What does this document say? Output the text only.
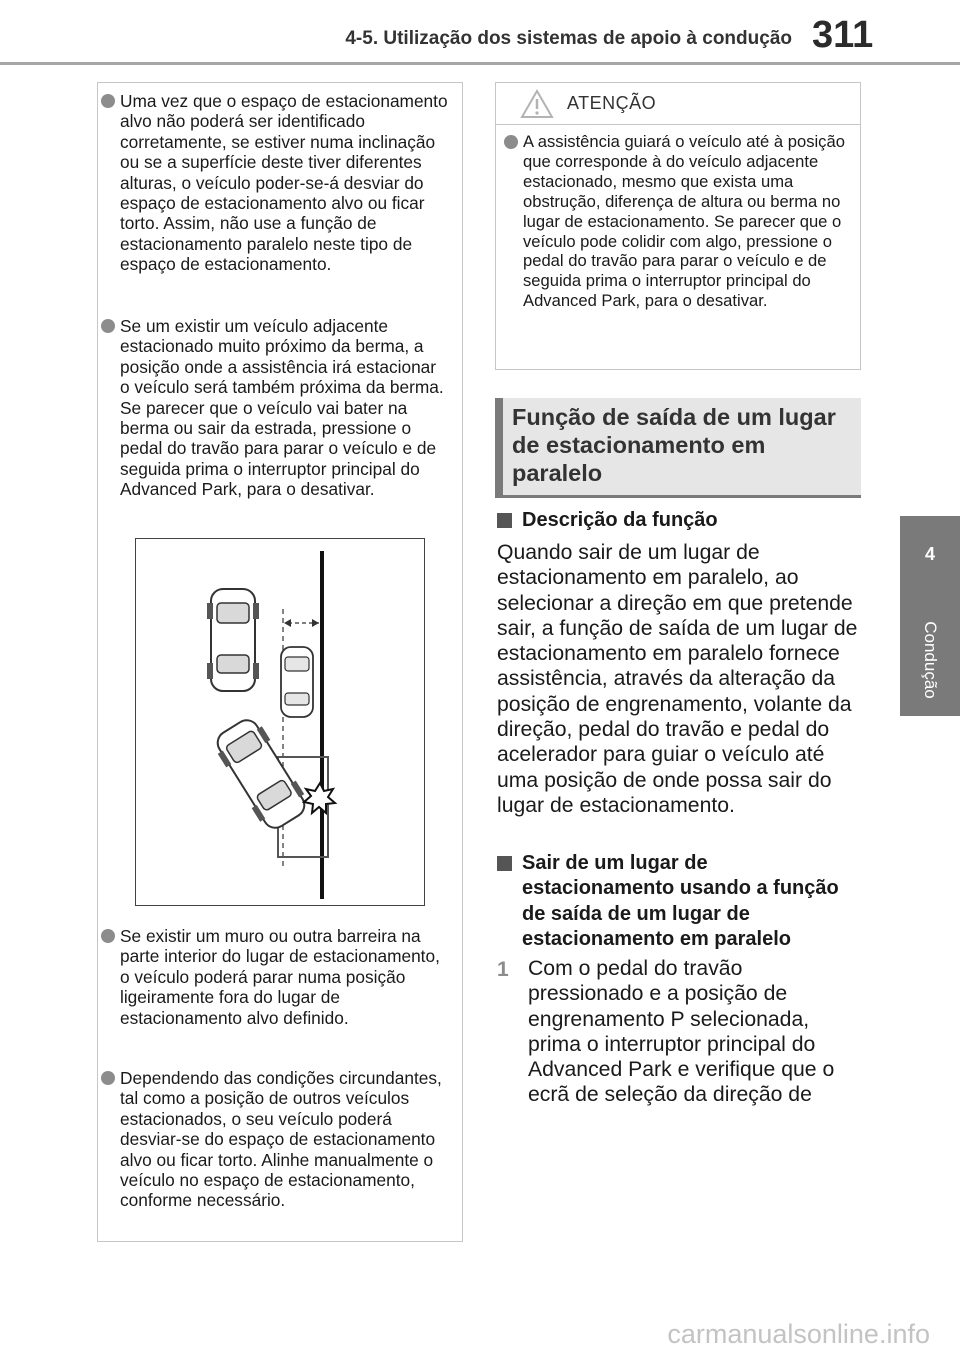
4-5. Utilização dos sistemas de apoio à condução 311
4
Condução
Uma vez que o espaço de estacionamento alvo não poderá ser identificado corretamente, se estiver numa inclinação ou se a superfície deste tiver diferentes alturas, o veículo poder-se-á desviar do espaço de estacionamento alvo ou ficar torto. Assim, não use a função de estacionamento paralelo neste tipo de espaço de estacionamento.
Se um existir um veículo adjacente estacionado muito próximo da berma, a posição onde a assistência irá estacionar o veículo será também próxima da berma. Se parecer que o veículo vai bater na berma ou sair da estrada, pressione o pedal do travão para parar o veículo e de seguida prima o interruptor principal do Advanced Park, para o desativar.
Se existir um muro ou outra barreira na parte interior do lugar de estacionamento, o veículo poderá parar numa posição ligeiramente fora do lugar de estacionamento alvo definido.
Dependendo das condições circundantes, tal como a posição de outros veículos estacionados, o seu veículo poderá desviar-se do espaço de estacionamento alvo ou ficar torto. Alinhe manualmente o veículo no espaço de estacionamento, conforme necessário.
ATENÇÃO
A assistência guiará o veículo até à posição que corresponde à do veículo adjacente estacionado, mesmo que exista uma obstrução, diferença de altura ou berma no lugar de estacionamento. Se parecer que o veículo pode colidir com algo, pressione o pedal do travão para parar o veículo e de seguida prima o interruptor principal do Advanced Park, para o desativar.
Função de saída de um lugar de estacionamento em paralelo
Descrição da função
Quando sair de um lugar de estacionamento em paralelo, ao selecionar a direção em que pretende sair, a função de saída de um lugar de estacionamento em paralelo fornece assistência, através da alteração da posição de engrenamento, volante da direção, pedal do travão e pedal do acelerador para guiar o veículo até uma posição de onde possa sair do lugar de estacionamento.
Sair de um lugar de estacionamento usando a função de saída de um lugar de estacionamento em paralelo
1 Com o pedal do travão pressionado e a posição de engrenamento P selecionada, prima o interruptor principal do Advanced Park e verifique que o ecrã de seleção da direção de
carmanualsonline.info
